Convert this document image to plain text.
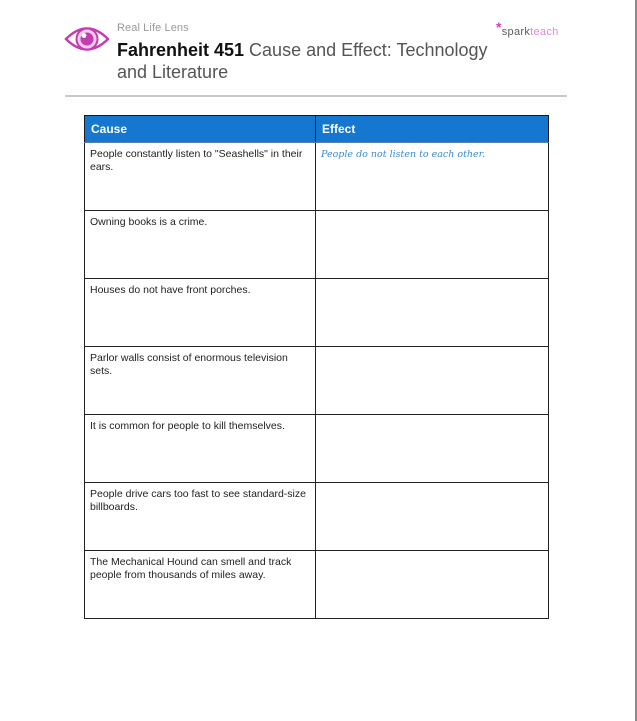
Real Life Lens
Fahrenheit 451 Cause and Effect: Technology and Literature
*sparkteach
Cause	Effect

People constantly listen to "Seashells" in their ears.	People do not listen to each other.

Owning books is a crime.	

Houses do not have front porches.	

Parlor walls consist of enormous television sets.	

It is common for people to kill themselves.	

People drive cars too fast to see standard-size billboards.	

The Mechanical Hound can smell and track people from thousands of miles away.	
